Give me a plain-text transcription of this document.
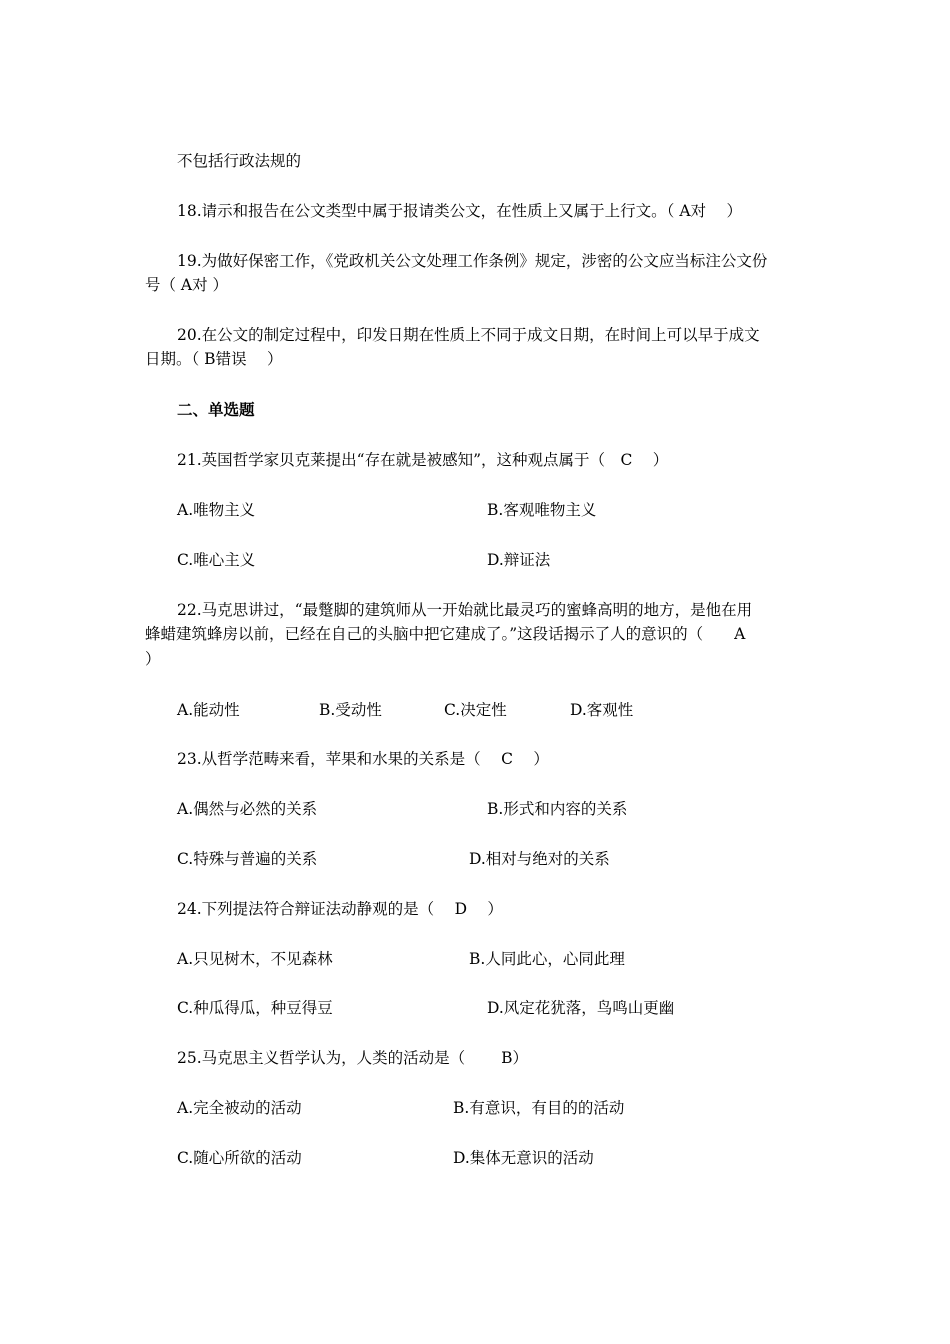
不包括行政法规的
18.请示和报告在公文类型中属于报请类公文，在性质上又属于上行文。（ A对　 ）
19.为做好保密工作，《党政机关公文处理工作条例》规定，涉密的公文应当标注公文份
号（ A对 ）
20.在公文的制定过程中，印发日期在性质上不同于成文日期，在时间上可以早于成文
日期。（ B错误　 ）
二、单选题
21.英国哲学家贝克莱提出“存在就是被感知”，这种观点属于（　C　 ）
A.唯物主义	B.客观唯物主义
C.唯心主义	D.辩证法
22.马克思讲过，“最蹩脚的建筑师从一开始就比最灵巧的蜜蜂高明的地方，是他在用
蜂蜡建筑蜂房以前，已经在自己的头脑中把它建成了。”这段话揭示了人的意识的（　　A
）
A.能动性	B.受动性	C.决定性	D.客观性
23.从哲学范畴来看，苹果和水果的关系是（　 C　 ）
A.偶然与必然的关系	B.形式和内容的关系
C.特殊与普遍的关系	D.相对与绝对的关系
24.下列提法符合辩证法动静观的是（　 D　 ）
A.只见树木，不见森林	B.人同此心，心同此理
C.种瓜得瓜，种豆得豆	D.风定花犹落，鸟鸣山更幽
25.马克思主义哲学认为，人类的活动是（　　 B）
A.完全被动的活动	B.有意识，有目的的活动
C.随心所欲的活动	D.集体无意识的活动
